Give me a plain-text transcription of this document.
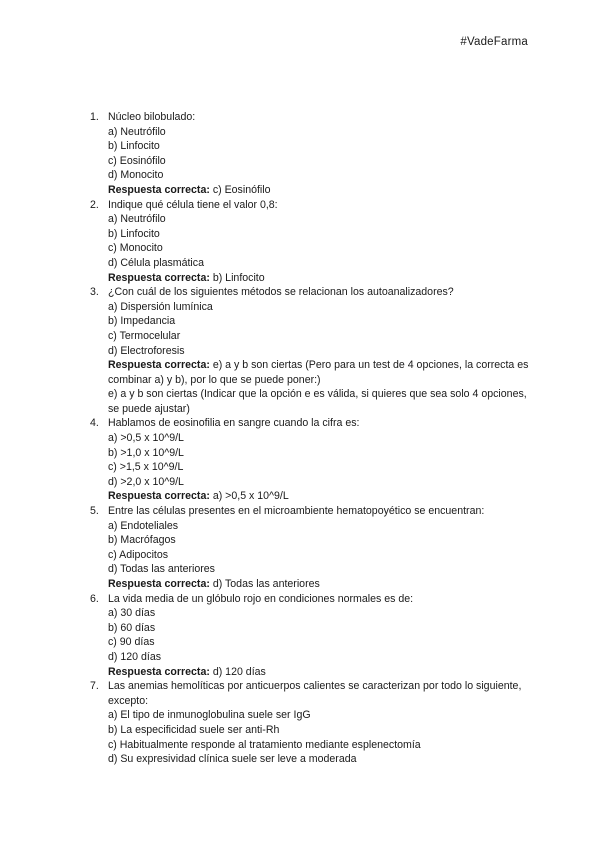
#VadeFarma
1. Núcleo bilobulado:
a) Neutrófilo
b) Linfocito
c) Eosinófilo
d) Monocito
Respuesta correcta: c) Eosinófilo
2. Indique qué célula tiene el valor 0,8:
a) Neutrófilo
b) Linfocito
c) Monocito
d) Célula plasmática
Respuesta correcta: b) Linfocito
3. ¿Con cuál de los siguientes métodos se relacionan los autoanalizadores?
a) Dispersión lumínica
b) Impedancia
c) Termocelular
d) Electroforesis
Respuesta correcta: e) a y b son ciertas (Pero para un test de 4 opciones, la correcta es combinar a) y b), por lo que se puede poner:)
e) a y b son ciertas (Indicar que la opción e es válida, si quieres que sea solo 4 opciones, se puede ajustar)
4. Hablamos de eosinofilia en sangre cuando la cifra es:
a) >0,5 x 10^9/L
b) >1,0 x 10^9/L
c) >1,5 x 10^9/L
d) >2,0 x 10^9/L
Respuesta correcta: a) >0,5 x 10^9/L
5. Entre las células presentes en el microambiente hematopoyético se encuentran:
a) Endoteliales
b) Macrófagos
c) Adipocitos
d) Todas las anteriores
Respuesta correcta: d) Todas las anteriores
6. La vida media de un glóbulo rojo en condiciones normales es de:
a) 30 días
b) 60 días
c) 90 días
d) 120 días
Respuesta correcta: d) 120 días
7. Las anemias hemolíticas por anticuerpos calientes se caracterizan por todo lo siguiente, excepto:
a) El tipo de inmunoglobulina suele ser IgG
b) La especificidad suele ser anti-Rh
c) Habitualmente responde al tratamiento mediante esplenectomía
d) Su expresividad clínica suele ser leve a moderada
